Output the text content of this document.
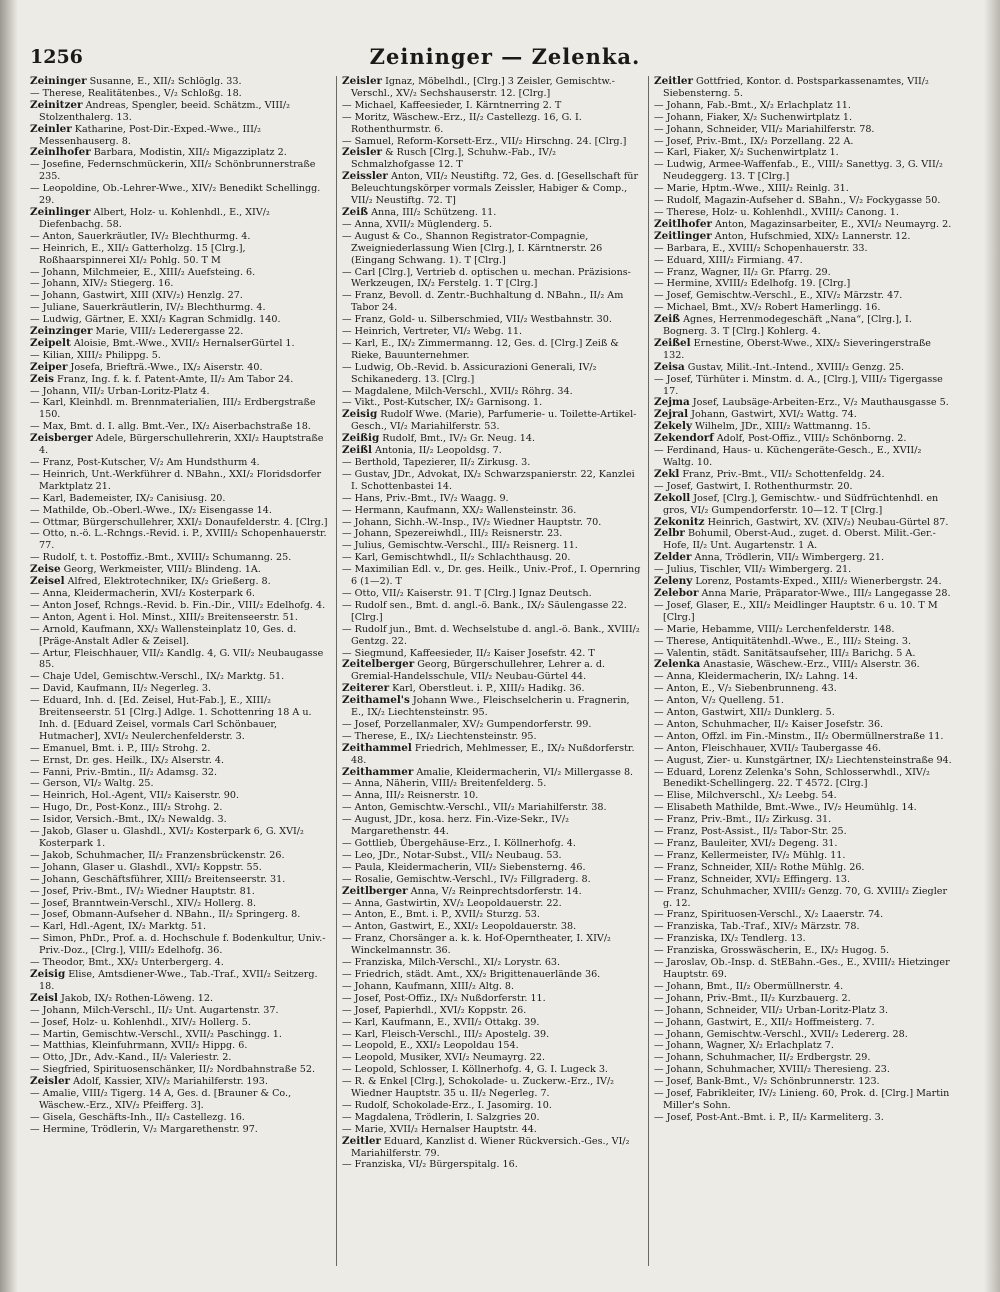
1256	Zeininger — Zelenka.
Zeininger Susanne, E., XII/₂ Schlöglg. 33.
— Therese, Realitätenbes., V/₂ Schloßg. 18.
Zeinitzer Andreas, Spengler, beeid. Schätzm., VIII/₂ Stolzenthalerg. 13.
Zeinler Katharine, Post-Dir.-Exped.-Wwe., III/₂ Messenhauserg. 8.
Zeinlhofer Barbara, Modistin, XII/₂ Migazziplatz 2.
— Josefine, Federnschmückerin, XII/₂ Schönbrunnerstraße 235.
— Leopoldine, Ob.-Lehrer-Wwe., XIV/₂ Benedikt Schellingg. 29.
Zeinlinger Albert, Holz- u. Kohlenhdl., E., XIV/₂ Diefenbachg. 58.
— Anton, Sauerkräutler, IV/₂ Blechthurmg. 4.
— Heinrich, E., XII/₂ Gatterholzg. 15 [Clrg.], Roßhaarspinnerei XI/₂ Pohlg. 50. T M
— Johann, Milchmeier, E., XIII/₂ Auefsteing. 6.
— Johann, XIV/₂ Stiegerg. 16.
— Johann, Gastwirt, XIII (XIV/₂) Henzlg. 27.
— Juliane, Sauerkräutlerin, IV/₂ Blechthurmg. 4.
— Ludwig, Gärtner, E. XXI/₂ Kagran Schmidlg. 140.
Zeinzinger Marie, VIII/₂ Lederergasse 22.
Zeipelt Aloisie, Bmt.-Wwe., XVII/₂ HernalserGürtel 1.
— Kilian, XIII/₂ Philippg. 5.
Zeiper Josefa, Briefträ.-Wwe., IX/₂ Aiserstr. 40.
Zeis Franz, Ing. f. k. f. Patent-Amte, II/₂ Am Tabor 24.
— Johann, VII/₂ Urban-Loritz-Platz 4.
— Karl, Kleinhdl. m. Brennmaterialien, III/₂ Erdbergstraße 150.
— Max, Bmt. d. I. allg. Bmt.-Ver., IX/₂ Aiserbachstraße 18.
Zeisberger Adele, Bürgerschullehrerin, XXI/₂ Hauptstraße 4.
— Franz, Post-Kutscher, V/₂ Am Hundsthurm 4.
— Heinrich, Unt.-Werkführer d. NBahn., XXI/₂ Floridsdorfer Marktplatz 21.
— Karl, Bademeister, IX/₂ Canisiusg. 20.
— Mathilde, Ob.-Oberl.-Wwe., IX/₂ Eisengasse 14.
— Ottmar, Bürgerschullehrer, XXI/₂ Donaufelderstr. 4. [Clrg.]
— Otto, n.-ö. L.-Rchngs.-Revid. i. P., XVIII/₂ Schopenhauerstr. 77.
— Rudolf, t. t. Postoffiz.-Bmt., XVIII/₂ Schumanng. 25.
Zeise Georg, Werkmeister, VIII/₂ Blindeng. 1A.
Zeisel Alfred, Elektrotechniker, IX/₂ Grießerg. 8.
— Anna, Kleidermacherin, XVI/₂ Kosterpark 6.
— Anton Josef, Rchngs.-Revid. b. Fin.-Dir., VIII/₂ Edelhofg. 4.
— Anton, Agent i. Hol. Minst., XIII/₂ Breitenseerstr. 51.
— Arnold, Kaufmann, XX/₂ Wallensteinplatz 10, Ges. d. [Präge-Anstalt Adler & Zeisel].
— Artur, Fleischhauer, VII/₂ Kandlg. 4, G. VII/₂ Neubaugasse 85.
— Chaje Udel, Gemischtw.-Verschl., IX/₂ Marktg. 51.
— David, Kaufmann, II/₂ Negerleg. 3.
— Eduard, Inh. d. [Ed. Zeisel, Hut-Fab.], E., XIII/₂ Breitenseerstr. 51 [Clrg.] Adlge. 1. Schottenring 18 A u. Inh. d. [Eduard Zeisel, vormals Carl Schönbauer, Hutmacher], XVI/₂ Neulerchenfelderstr. 3.
— Emanuel, Bmt. i. P., III/₂ Strohg. 2.
— Ernst, Dr. ges. Heilk., IX/₂ Alserstr. 4.
— Fanni, Priv.-Bmtin., II/₂ Adamsg. 32.
— Gerson, VI/₂ Waltg. 25.
— Heinrich, Hol.-Agent, VII/₂ Kaiserstr. 90.
— Hugo, Dr., Post-Konz., III/₂ Strohg. 2.
— Isidor, Versich.-Bmt., IX/₂ Newaldg. 3.
— Jakob, Glaser u. Glashdl., XVI/₂ Kosterpark 6, G. XVI/₂ Kosterpark 1.
— Jakob, Schuhmacher, II/₂ Franzensbrückenstr. 26.
— Johann, Glaser u. Glashdl., XVI/₂ Koppstr. 55.
— Johann, Geschäftsführer, XIII/₂ Breitenseerstr. 31.
— Josef, Priv.-Bmt., IV/₂ Wiedner Hauptstr. 81.
— Josef, Branntwein-Verschl., XIV/₂ Hollerg. 8.
— Josef, Obmann-Aufseher d. NBahn., II/₂ Springerg. 8.
— Karl, Hdl.-Agent, IX/₂ Marktg. 51.
— Simon, PhDr., Prof. a. d. Hochschule f. Bodenkultur, Univ.-Priv.-Doz., [Clrg.], VIII/₂ Edelhofg. 36.
— Theodor, Bmt., XX/₂ Unterbergerg. 4.
Zeisig Elise, Amtsdiener-Wwe., Tab.-Traf., XVII/₂ Seitzerg. 18.
Zeisl Jakob, IX/₂ Rothen-Löweng. 12.
— Johann, Milch-Verschl., II/₂ Unt. Augartenstr. 37.
— Josef, Holz- u. Kohlenhdl., XIV/₂ Hollerg. 5.
— Martin, Gemischtw.-Verschl., XVII/₂ Paschingg. 1.
— Matthias, Kleinfuhrmann, XVII/₂ Hippg. 6.
— Otto, JDr., Adv.-Kand., II/₂ Valeriestr. 2.
— Siegfried, Spirituosenschänker, II/₂ Nordbahnstraße 52.
Zeisler Adolf, Kassier, XIV/₂ Mariahilferstr. 193.
— Amalie, VIII/₂ Tigerg. 14 A, Ges. d. [Brauner & Co., Wäschew.-Erz., XIV/₂ Pfeifferg. 3].
— Gisela, Geschäfts-Inh., II/₂ Castellezg. 16.
— Hermine, Trödlerin, V/₂ Margarethenstr. 97.
Zeisler Ignaz, Möbelhdl., [Clrg.] 3 Zeisler, Gemischtw.-Verschl., XV/₂ Sechshauserstr. 12. [Clrg.]
— Michael, Kaffeesieder, I. Kärntnerring 2. T
— Moritz, Wäschew.-Erz., II/₂ Castellezg. 16, G. I. Rothenthurmstr. 6.
— Samuel, Reform-Korsett-Erz., VII/₂ Hirschng. 24. [Clrg.]
Zeisler & Rusch [Clrg.], Schuhw.-Fab., IV/₂ Schmalzhofgasse 12. T
Zeissler Anton, VII/₂ Neustiftg. 72, Ges. d. [Gesellschaft für Beleuchtungskörper vormals Zeissler, Habiger & Comp., VII/₂ Neustiftg. 72. T]
Zeiß Anna, III/₂ Schützeng. 11.
— Anna, XVII/₂ Müglenderg. 5.
— August & Co., Shannon Registrator-Compagnie, Zweigniederlassung Wien [Clrg.], I. Kärntnerstr. 26 (Eingang Schwang. 1). T [Clrg.]
— Carl [Clrg.], Vertrieb d. optischen u. mechan. Präzisions-Werkzeugen, IX/₂ Ferstelg. 1. T [Clrg.]
— Franz, Bevoll. d. Zentr.-Buchhaltung d. NBahn., II/₂ Am Tabor 24.
— Franz, Gold- u. Silberschmied, VII/₂ Westbahnstr. 30.
— Heinrich, Vertreter, VI/₂ Webg. 11.
— Karl, E., IX/₂ Zimmermanng. 12, Ges. d. [Clrg.] Zeiß & Rieke, Bauunternehmer.
— Ludwig, Ob.-Revid. b. Assicurazioni Generali, IV/₂ Schikanederg. 13. [Clrg.]
— Magdalene, Milch-Verschl., XVII/₂ Röhrg. 34.
— Vikt., Post-Kutscher, IX/₂ Garnisong. 1.
Zeisig Rudolf Wwe. (Marie), Parfumerie- u. Toilette-Artikel-Gesch., VI/₂ Mariahilferstr. 53.
Zeißig Rudolf, Bmt., IV/₂ Gr. Neug. 14.
Zeißl Antonia, II/₂ Leopoldsg. 7.
— Berthold, Tapezierer, II/₂ Zirkusg. 3.
— Gustav, JDr., Advokat, IX/₂ Schwarzspanierstr. 22, Kanzlei I. Schottenbastei 14.
— Hans, Priv.-Bmt., IV/₂ Waagg. 9.
— Hermann, Kaufmann, XX/₂ Wallensteinstr. 36.
— Johann, Sichh.-W.-Insp., IV/₂ Wiedner Hauptstr. 70.
— Johann, Spezereiwhdl., III/₂ Reisnerstr. 23.
— Julius, Gemischtw.-Verschl., III/₂ Reisnerg. 11.
— Karl, Gemischtwhdl., II/₂ Schlachthausg. 20.
— Maximilian Edl. v., Dr. ges. Heilk., Univ.-Prof., I. Opernring 6 (1—2). T
— Otto, VII/₂ Kaiserstr. 91. T [Clrg.] Ignaz Deutsch.
— Rudolf sen., Bmt. d. angl.-ö. Bank., IX/₂ Säulengasse 22. [Clrg.]
— Rudolf jun., Bmt. d. Wechselstube d. angl.-ö. Bank., XVIII/₂ Gentzg. 22.
— Siegmund, Kaffeesieder, II/₂ Kaiser Josefstr. 42. T
Zeitelberger Georg, Bürgerschullehrer, Lehrer a. d. Gremial-Handelsschule, VII/₂ Neubau-Gürtel 44.
Zeiterer Karl, Oberstleut. i. P., XIII/₂ Hadikg. 36.
Zeithamel's Johann Wwe., Fleischselcherin u. Fragnerin, E., IX/₂ Liechtensteinstr. 95.
— Josef, Porzellanmaler, XV/₂ Gumpendorferstr. 99.
— Therese, E., IX/₂ Liechtensteinstr. 95.
Zeithammel Friedrich, Mehlmesser, E., IX/₂ Nußdorferstr. 48.
Zeithammer Amalie, Kleidermacherin, VI/₂ Millergasse 8.
— Anna, Näherin, VIII/₂ Breitenfelderg. 5.
— Anna, III/₂ Reisnerstr. 10.
— Anton, Gemischtw.-Verschl., VII/₂ Mariahilferstr. 38.
— August, JDr., kosa. herz. Fin.-Vize-Sekr., IV/₂ Margarethenstr. 44.
— Gottlieb, Übergehäuse-Erz., I. Köllnerhofg. 4.
— Leo, JDr., Notar-Subst., VII/₂ Neubaug. 53.
— Paula, Kleidermacherin, VII/₂ Siebensterng. 46.
— Rosalie, Gemischtw.-Verschl., IV/₂ Fillgraderg. 8.
Zeitlberger Anna, V/₂ Reinprechtsdorferstr. 14.
— Anna, Gastwirtin, XV/₂ Leopoldauerstr. 22.
— Anton, E., Bmt. i. P., XVII/₂ Sturzg. 53.
— Anton, Gastwirt, E., XXI/₂ Leopoldauerstr. 38.
— Franz, Chorsänger a. k. k. Hof-Operntheater, I. XIV/₂ Winckelmannstr. 36.
— Franziska, Milch-Verschl., XI/₂ Lorystr. 63.
— Friedrich, städt. Amt., XX/₂ Brigittenauerlände 36.
— Johann, Kaufmann, XIII/₂ Altg. 8.
— Josef, Post-Offiz., IX/₂ Nußdorferstr. 11.
— Josef, Papierhdl., XVI/₂ Koppstr. 26.
— Karl, Kaufmann, E., XVII/₂ Ottakg. 39.
— Karl, Fleisch-Verschl., III/₂ Apostelg. 39.
— Leopold, E., XXI/₂ Leopoldau 154.
— Leopold, Musiker, XVI/₂ Neumayrg. 22.
— Leopold, Schlosser, I. Köllnerhofg. 4, G. I. Lugeck 3.
— R. & Enkel [Clrg.], Schokolade- u. Zuckerw.-Erz., IV/₂ Wiedner Hauptstr. 35 u. II/₂ Negerleg. 7.
— Rudolf, Schokolade-Erz., I. Jasomirg. 10.
— Magdalena, Trödlerin, I. Salzgries 20.
— Marie, XVII/₂ Hernalser Hauptstr. 44.
Zeitler Eduard, Kanzlist d. Wiener Rückversich.-Ges., VI/₂ Mariahilferstr. 79.
— Franziska, VI/₂ Bürgerspitalg. 16.
Zeitler Gottfried, Kontor. d. Postsparkassenamtes, VII/₂ Siebensterng. 5.
— Johann, Fab.-Bmt., X/₂ Erlachplatz 11.
— Johann, Fiaker, X/₂ Suchenwirtplatz 1.
— Johann, Schneider, VII/₂ Mariahilferstr. 78.
— Josef, Priv.-Bmt., IX/₂ Porzellang. 22 A.
— Karl, Fiaker, X/₂ Suchenwirtplatz 1.
— Ludwig, Armee-Waffenfab., E., VIII/₂ Sanettyg. 3, G. VII/₂ Neudeggerg. 13. T [Clrg.]
— Marie, Hptm.-Wwe., XIII/₂ Reinlg. 31.
— Rudolf, Magazin-Aufseher d. SBahn., V/₂ Fockygasse 50.
— Therese, Holz- u. Kohlenhdl., XVIII/₂ Canong. 1.
Zeitlhofer Anton, Magazinsarbeiter, E., XVI/₂ Neumayrg. 2.
Zeitlinger Anton, Hufschmied, XIX/₂ Lannerstr. 12.
— Barbara, E., XVIII/₂ Schopenhauerstr. 33.
— Eduard, XIII/₂ Firmiang. 47.
— Franz, Wagner, II/₂ Gr. Pfarrg. 29.
— Hermine, XVIII/₂ Edelhofg. 19. [Clrg.]
— Josef, Gemischtw.-Verschl., E., XIV/₂ Märzstr. 47.
— Michael, Bmt., XV/₂ Robert Hamerlingg. 16.
Zeiß Agnes, Herrenmodegeschäft „Nana“, [Clrg.], I. Bognerg. 3. T [Clrg.] Kohlerg. 4.
Zeißel Ernestine, Oberst-Wwe., XIX/₂ Sieveringerstraße 132.
Zeisa Gustav, Milit.-Int.-Intend., XVIII/₂ Genzg. 25.
— Josef, Türhüter i. Minstm. d. A., [Clrg.], VIII/₂ Tigergasse 17.
Zejma Josef, Laubsäge-Arbeiten-Erz., V/₂ Mauthausgasse 5.
Zejral Johann, Gastwirt, XVI/₂ Wattg. 74.
Zekely Wilhelm, JDr., XIII/₂ Wattmanng. 15.
Zekendorf Adolf, Post-Offiz., VIII/₂ Schönborng. 2.
— Ferdinand, Haus- u. Küchengeräte-Gesch., E., XVII/₂ Waltg. 10.
Zekl Franz, Priv.-Bmt., VII/₂ Schottenfeldg. 24.
— Josef, Gastwirt, I. Rothenthurmstr. 20.
Zekoll Josef, [Clrg.], Gemischtw.- und Südfrüchtenhdl. en gros, VI/₂ Gumpendorferstr. 10—12. T [Clrg.]
Zekonitz Heinrich, Gastwirt, XV. (XIV/₂) Neubau-Gürtel 87.
Zelbr Bohumil, Oberst-Aud., zuget. d. Oberst. Milit.-Ger.-Hofe, II/₂ Unt. Augartenstr. 1 A.
Zelder Anna, Trödlerin, VII/₂ Wimbergerg. 21.
— Julius, Tischler, VII/₂ Wimbergerg. 21.
Zeleny Lorenz, Postamts-Exped., XIII/₂ Wienerbergstr. 24.
Zelebor Anna Marie, Präparator-Wwe., III/₂ Langegasse 28.
— Josef, Glaser, E., XII/₂ Meidlinger Hauptstr. 6 u. 10. T M [Clrg.]
— Marie, Hebamme, VIII/₂ Lerchenfelderstr. 148.
— Therese, Antiquitätenhdl.-Wwe., E., III/₂ Steing. 3.
— Valentin, städt. Sanitätsaufseher, III/₂ Barichg. 5 A.
Zelenka Anastasie, Wäschew.-Erz., VIII/₂ Alserstr. 36.
— Anna, Kleidermacherin, IX/₂ Lahng. 14.
— Anton, E., V/₂ Siebenbrunneng. 43.
— Anton, V/₂ Quelleng. 51.
— Anton, Gastwirt, XII/₂ Dunklerg. 5.
— Anton, Schuhmacher, II/₂ Kaiser Josefstr. 36.
— Anton, Offzl. im Fin.-Minstm., II/₂ Obermüllnerstraße 11.
— Anton, Fleischhauer, XVII/₂ Taubergasse 46.
— August, Zier- u. Kunstgärtner, IX/₂ Liechtensteinstraße 94.
— Eduard, Lorenz Zelenka's Sohn, Schlosserwhdl., XIV/₂ Benedikt-Schellingerg. 22. T 4572. [Clrg.]
— Elise, Milchverschl., X/₂ Leebg. 54.
— Elisabeth Mathilde, Bmt.-Wwe., IV/₂ Heumühlg. 14.
— Franz, Priv.-Bmt., II/₂ Zirkusg. 31.
— Franz, Post-Assist., II/₂ Tabor-Str. 25.
— Franz, Bauleiter, XVI/₂ Degeng. 31.
— Franz, Kellermeister, IV/₂ Mühlg. 11.
— Franz, Schneider, XII/₂ Rothe Mühlg. 26.
— Franz, Schneider, XVI/₂ Effingerg. 13.
— Franz, Schuhmacher, XVIII/₂ Genzg. 70, G. XVIII/₂ Ziegler g. 12.
— Franz, Spirituosen-Verschl., X/₂ Laaerstr. 74.
— Franziska, Tab.-Traf., XIV/₂ Märzstr. 78.
— Franziska, IX/₂ Tendlerg. 13.
— Franziska, Grosswäscherin, E., IX/₂ Hugog. 5.
— Jaroslav, Ob.-Insp. d. StEBahn.-Ges., E., XVIII/₂ Hietzinger Hauptstr. 69.
— Johann, Bmt., II/₂ Obermüllnerstr. 4.
— Johann, Priv.-Bmt., II/₂ Kurzbauerg. 2.
— Johann, Schneider, VII/₂ Urban-Loritz-Platz 3.
— Johann, Gastwirt, E., XII/₂ Hoffmeisterg. 7.
— Johann, Gemischtw.-Verschl., XVII/₂ Ledererg. 28.
— Johann, Wagner, X/₂ Erlachplatz 7.
— Johann, Schuhmacher, II/₂ Erdbergstr. 29.
— Johann, Schuhmacher, XVIII/₂ Theresieng. 23.
— Josef, Bank-Bmt., V/₂ Schönbrunnerstr. 123.
— Josef, Fabrikleiter, IV/₂ Linieng. 60, Prok. d. [Clrg.] Martin Miller's Sohn.
— Josef, Post-Ant.-Bmt. i. P., II/₂ Karmeliterg. 3.
